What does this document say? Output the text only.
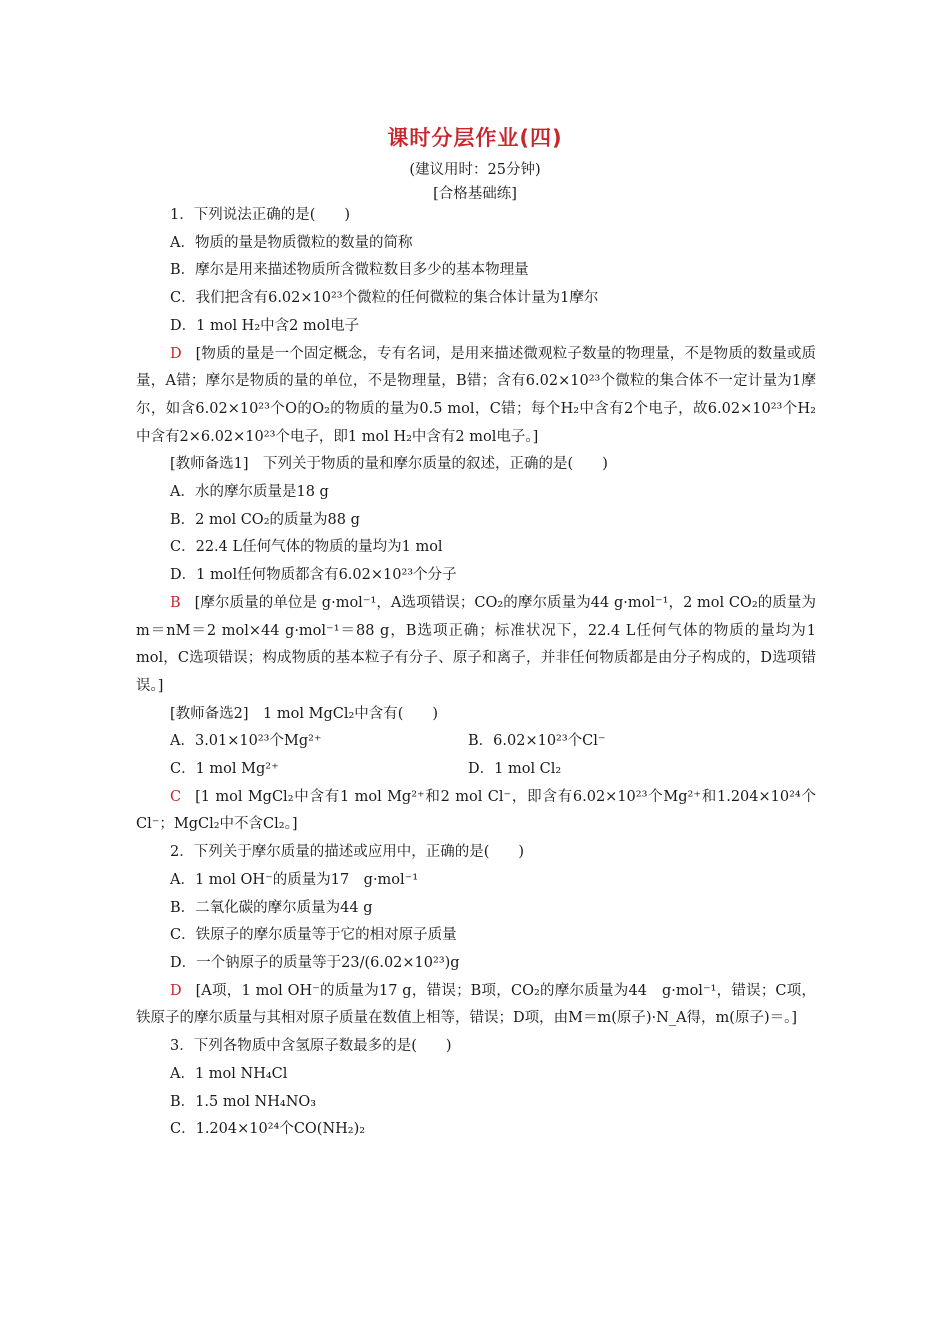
课时分层作业(四)
(建议用时：25分钟)
[合格基础练]

1．下列说法正确的是(　　)

A．物质的量是物质微粒的数量的简称

B．摩尔是用来描述物质所含微粒数目多少的基本物理量

C．我们把含有6.02×10²³个微粒的任何微粒的集合体计量为1摩尔

D．1 mol H₂中含2 mol电子

D [物质的量是一个固定概念，专有名词，是用来描述微观粒子数量的物理量，不是物质的数量或质量，A错；摩尔是物质的量的单位，不是物理量，B错；含有6.02×10²³个微粒的集合体不一定计量为1摩尔，如含6.02×10²³个O的O₂的物质的量为0.5 mol，C错；每个H₂中含有2个电子，故6.02×10²³个H₂中含有2×6.02×10²³个电子，即1 mol H₂中含有2 mol电子。]

[教师备选1]　下列关于物质的量和摩尔质量的叙述，正确的是(　　)

A．水的摩尔质量是18 g

B．2 mol CO₂的质量为88 g

C．22.4 L任何气体的物质的量均为1 mol

D．1 mol任何物质都含有6.02×10²³个分子

B [摩尔质量的单位是 g·mol⁻¹，A选项错误；CO₂的摩尔质量为44 g·mol⁻¹，2 mol CO₂的质量为m＝nM＝2 mol×44 g·mol⁻¹＝88 g，B选项正确；标准状况下，22.4 L任何气体的物质的量均为1 mol，C选项错误；构成物质的基本粒子有分子、原子和离子，并非任何物质都是由分子构成的，D选项错误。]

[教师备选2]　1 mol MgCl₂中含有(　　)

A．3.01×10²³个Mg²⁺	B．6.02×10²³个Cl⁻
C．1 mol Mg²⁺	D．1 mol Cl₂

C [1 mol MgCl₂中含有1 mol Mg²⁺和2 mol Cl⁻，即含有6.02×10²³个Mg²⁺和1.204×10²⁴个Cl⁻；MgCl₂中不含Cl₂。]

2．下列关于摩尔质量的描述或应用中，正确的是(　　)

A．1 mol OH⁻的质量为17　g·mol⁻¹

B．二氧化碳的摩尔质量为44 g

C．铁原子的摩尔质量等于它的相对原子质量

D．一个钠原子的质量等于23/(6.02×10²³)g

D [A项，1 mol OH⁻的质量为17 g，错误；B项，CO₂的摩尔质量为44　g·mol⁻¹，错误；C项，铁原子的摩尔质量与其相对原子质量在数值上相等，错误；D项，由M＝m(原子)·N_A得，m(原子)＝。]

3．下列各物质中含氢原子数最多的是(　　)

A．1 mol NH₄Cl

B．1.5 mol NH₄NO₃

C．1.204×10²⁴个CO(NH₂)₂
